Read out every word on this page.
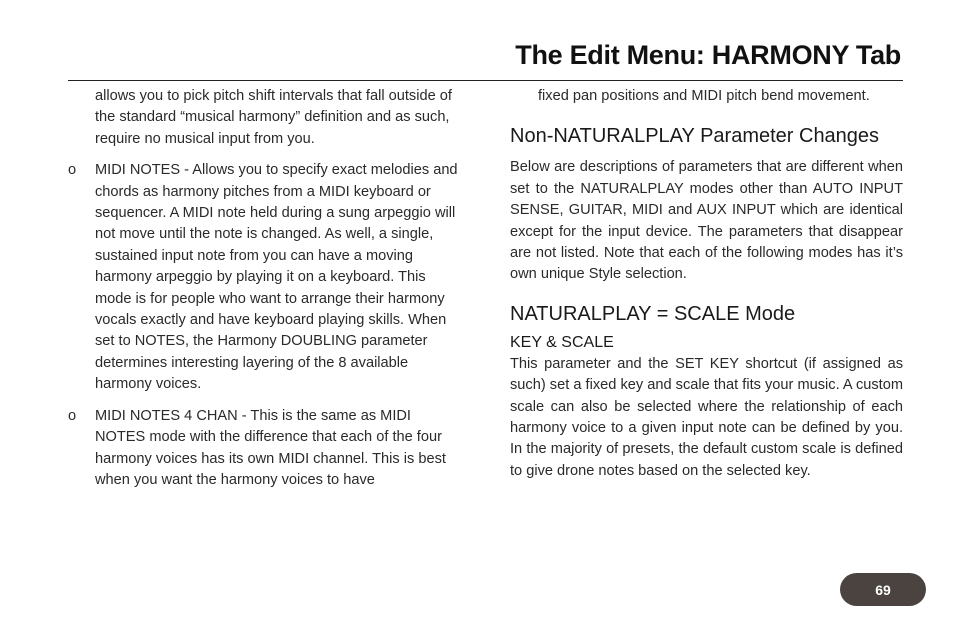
The Edit Menu: HARMONY Tab

allows you to pick pitch shift intervals that fall outside of the standard “musical harmony” definition and as such, require no musical input from you.

o	MIDI NOTES - Allows you to specify exact melodies and chords as harmony pitches from a MIDI keyboard or sequencer. A MIDI note held during a sung arpeggio will not move until the note is changed. As well, a single, sustained input note from you can have a moving harmony arpeggio by playing it on a keyboard. This mode is for people who want to arrange their harmony vocals exactly and have keyboard playing skills. When set to NOTES, the Harmony DOUBLING parameter determines interesting layering of the 8 available harmony voices.
o	MIDI NOTES 4 CHAN - This is the same as MIDI NOTES mode with the difference that each of the four harmony voices has its own MIDI channel. This is best when you want the harmony voices to have

fixed pan positions and MIDI pitch bend movement.

Non-NATURALPLAY Parameter Changes

Below are descriptions of parameters that are different when set to the NATURALPLAY modes other than AUTO INPUT SENSE, GUITAR, MIDI and AUX INPUT which are identical except for the input device. The parameters that disappear are not listed. Note that each of the following modes has it’s own unique Style selection.

NATURALPLAY = SCALE Mode
KEY & SCALE

This parameter and the SET KEY shortcut (if assigned as such) set a fixed key and scale that fits your music. A custom scale can also be selected where the relationship of each harmony voice to a given input note can be defined by you. In the majority of presets, the default custom scale is defined to give drone notes based on the selected key.

69
